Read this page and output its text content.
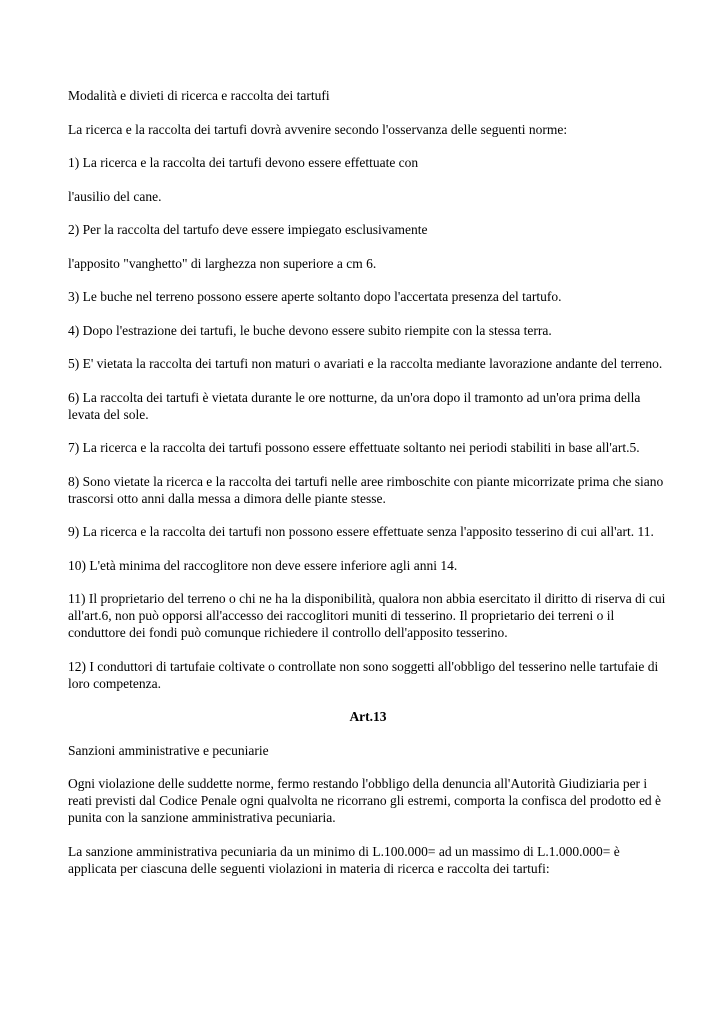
Modalità e divieti di ricerca e raccolta dei tartufi

La ricerca e la raccolta dei tartufi dovrà avvenire secondo l'osservanza delle seguenti norme:

1) La ricerca e la raccolta dei tartufi devono essere effettuate con

l'ausilio del cane.

2) Per la raccolta del tartufo deve essere impiegato esclusivamente

l'apposito "vanghetto" di larghezza non superiore a cm 6.

3) Le buche nel terreno possono essere aperte soltanto dopo l'accertata presenza del tartufo.

4) Dopo l'estrazione dei tartufi, le buche devono essere subito riempite con la stessa terra.

5) E' vietata la raccolta dei tartufi non maturi o avariati e la raccolta mediante lavorazione andante del terreno.

6) La raccolta dei tartufi è vietata durante le ore notturne, da un'ora dopo il tramonto ad un'ora prima della levata del sole.

7) La ricerca e la raccolta dei tartufi possono essere effettuate soltanto nei periodi stabiliti in base all'art.5.

8) Sono vietate la ricerca e la raccolta dei tartufi nelle aree rimboschite con piante micorrizate prima che siano trascorsi otto anni dalla messa a dimora delle piante stesse.

9) La ricerca e la raccolta dei tartufi non possono essere effettuate senza l'apposito tesserino di cui all'art. 11.

10) L'età minima del raccoglitore non deve essere inferiore agli anni 14.

11) Il proprietario del terreno o chi ne ha la disponibilità, qualora non abbia esercitato il diritto di riserva di cui all'art.6, non può opporsi all'accesso dei raccoglitori muniti di tesserino. Il proprietario dei terreni o il conduttore dei fondi può comunque richiedere il controllo dell'apposito tesserino.

12) I conduttori di tartufaie coltivate o controllate non sono soggetti all'obbligo del tesserino nelle tartufaie di loro competenza.

Art.13

Sanzioni amministrative e pecuniarie

Ogni violazione delle suddette norme, fermo restando l'obbligo della denuncia all'Autorità Giudiziaria per i reati previsti dal Codice Penale ogni qualvolta ne ricorrano gli estremi, comporta la confisca del prodotto ed è punita con la sanzione amministrativa pecuniaria.

La sanzione amministrativa pecuniaria da un minimo di L.100.000= ad un massimo di L.1.000.000= è applicata per ciascuna delle seguenti violazioni in materia di ricerca e raccolta dei tartufi:
